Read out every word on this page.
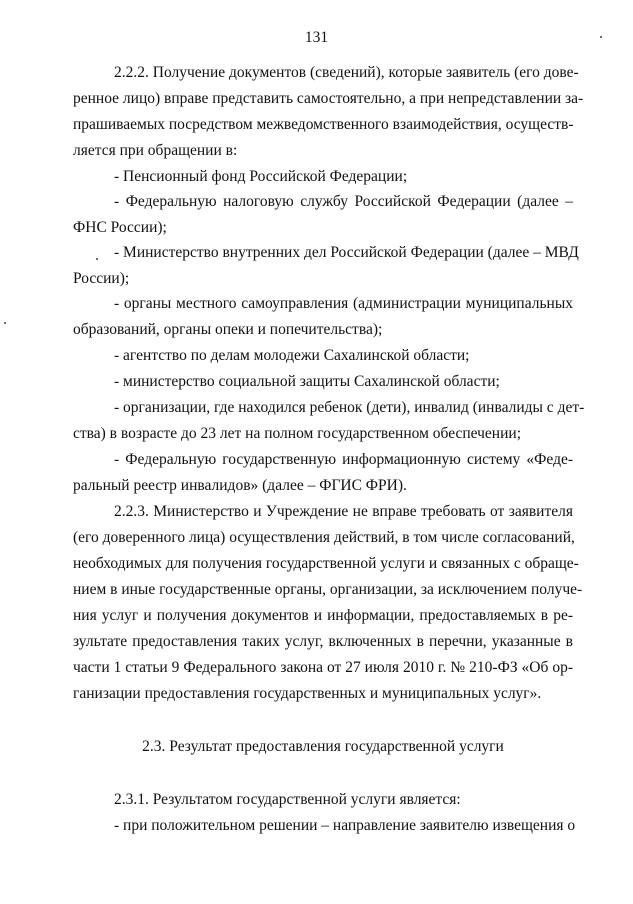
131
2.2.2. Получение документов (сведений), которые заявитель (его дове-
ренное лицо) вправе представить самостоятельно, а при непредставлении за-
прашиваемых посредством межведомственного взаимодействия, осуществ-
ляется при обращении в:
- Пенсионный фонд Российской Федерации;
- Федеральную налоговую службу Российской Федерации (далее –
ФНС России);
- Министерство внутренних дел Российской Федерации (далее – МВД
России);
- органы местного самоуправления (администрации муниципальных
образований, органы опеки и попечительства);
- агентство по делам молодежи Сахалинской области;
- министерство социальной защиты Сахалинской области;
- организации, где находился ребенок (дети), инвалид (инвалиды с дет-
ства) в возрасте до 23 лет на полном государственном обеспечении;
- Федеральную государственную информационную систему «Феде-
ральный реестр инвалидов» (далее – ФГИС ФРИ).
2.2.3. Министерство и Учреждение не вправе требовать от заявителя
(его доверенного лица) осуществления действий, в том числе согласований,
необходимых для получения государственной услуги и связанных с обраще-
нием в иные государственные органы, организации, за исключением получе-
ния услуг и получения документов и информации, предоставляемых в ре-
зультате предоставления таких услуг, включенных в перечни, указанные в
части 1 статьи 9 Федерального закона от 27 июля 2010 г. № 210-ФЗ «Об ор-
ганизации предоставления государственных и муниципальных услуг».
2.3. Результат предоставления государственной услуги
2.3.1. Результатом государственной услуги является:
- при положительном решении – направление заявителю извещения о
